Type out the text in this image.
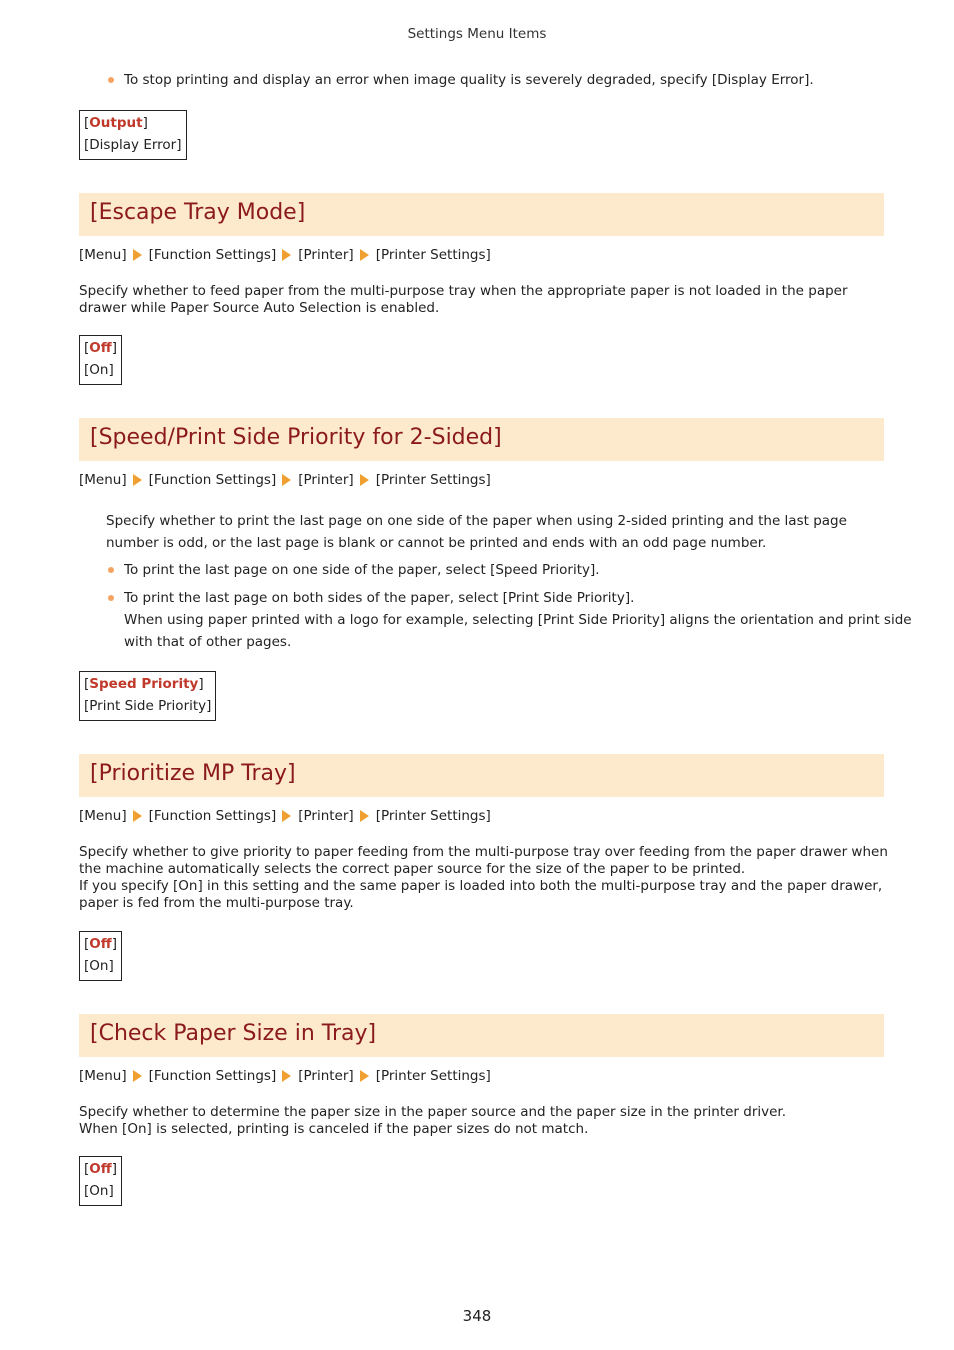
Settings Menu Items
To stop printing and display an error when image quality is severely degraded, specify [Display Error].
[Output]
[Display Error]
[Escape Tray Mode]
[Menu] [Function Settings] [Printer] [Printer Settings]
Specify whether to feed paper from the multi-purpose tray when the appropriate paper is not loaded in the paper drawer while Paper Source Auto Selection is enabled.
[Off]
[On]
[Speed/Print Side Priority for 2-Sided]
[Menu] [Function Settings] [Printer] [Printer Settings]
Specify whether to print the last page on one side of the paper when using 2-sided printing and the last page number is odd, or the last page is blank or cannot be printed and ends with an odd page number.
To print the last page on one side of the paper, select [Speed Priority].
To print the last page on both sides of the paper, select [Print Side Priority].
When using paper printed with a logo for example, selecting [Print Side Priority] aligns the orientation and print side with that of other pages.
[Speed Priority]
[Print Side Priority]
[Prioritize MP Tray]
[Menu] [Function Settings] [Printer] [Printer Settings]
Specify whether to give priority to paper feeding from the multi-purpose tray over feeding from the paper drawer when the machine automatically selects the correct paper source for the size of the paper to be printed.
If you specify [On] in this setting and the same paper is loaded into both the multi-purpose tray and the paper drawer, paper is fed from the multi-purpose tray.
[Off]
[On]
[Check Paper Size in Tray]
[Menu] [Function Settings] [Printer] [Printer Settings]
Specify whether to determine the paper size in the paper source and the paper size in the printer driver.
When [On] is selected, printing is canceled if the paper sizes do not match.
[Off]
[On]
348
